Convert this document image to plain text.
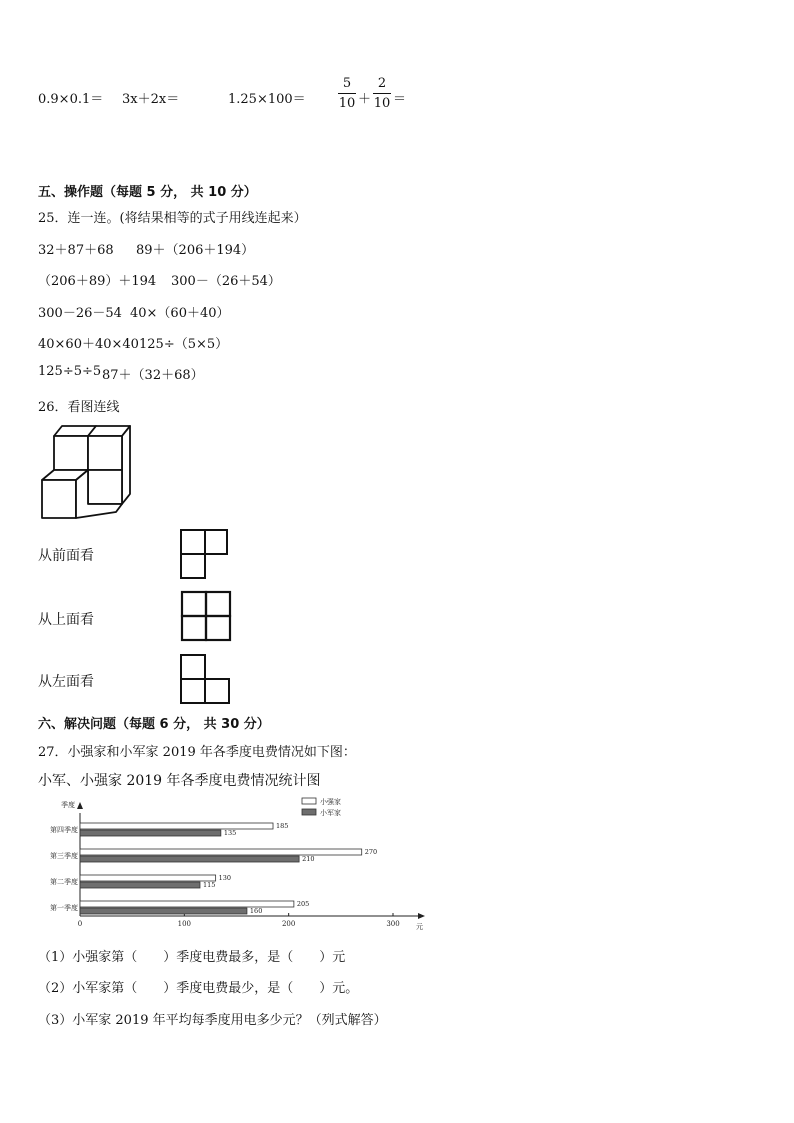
0.9×0.1＝ 3x＋2x＝	1.25×100＝
5
10 ＋
2
10 ＝
五、操作题（每题 5 分， 共 10 分）
25．连一连。(将结果相等的式子用线连起来）
32＋87＋68 89＋（206＋194）
（206＋89）＋194 300－（26＋54）
300－26－54 40×（60＋40）
40×60＋40×40 125÷（5×5）
125÷5÷5 87＋（32＋68）
26．看图连线
从前面看
从上面看
从左面看
六、解决问题（每题 6 分， 共 30 分）
27．小强家和小军家 2019 年各季度电费情况如下图：
小军、小强家 2019 年各季度电费情况统计图
季度
元
0	100	200	300
第四季度	185
135
第三季度	270
210
第二季度	130
115
第一季度	205
160
小强家
小军家
（1）小强家第（　　）季度电费最多，是（　　）元
（2）小军家第（　　）季度电费最少，是（　　）元。
（3）小军家 2019 年平均每季度用电多少元？（列式解答）
